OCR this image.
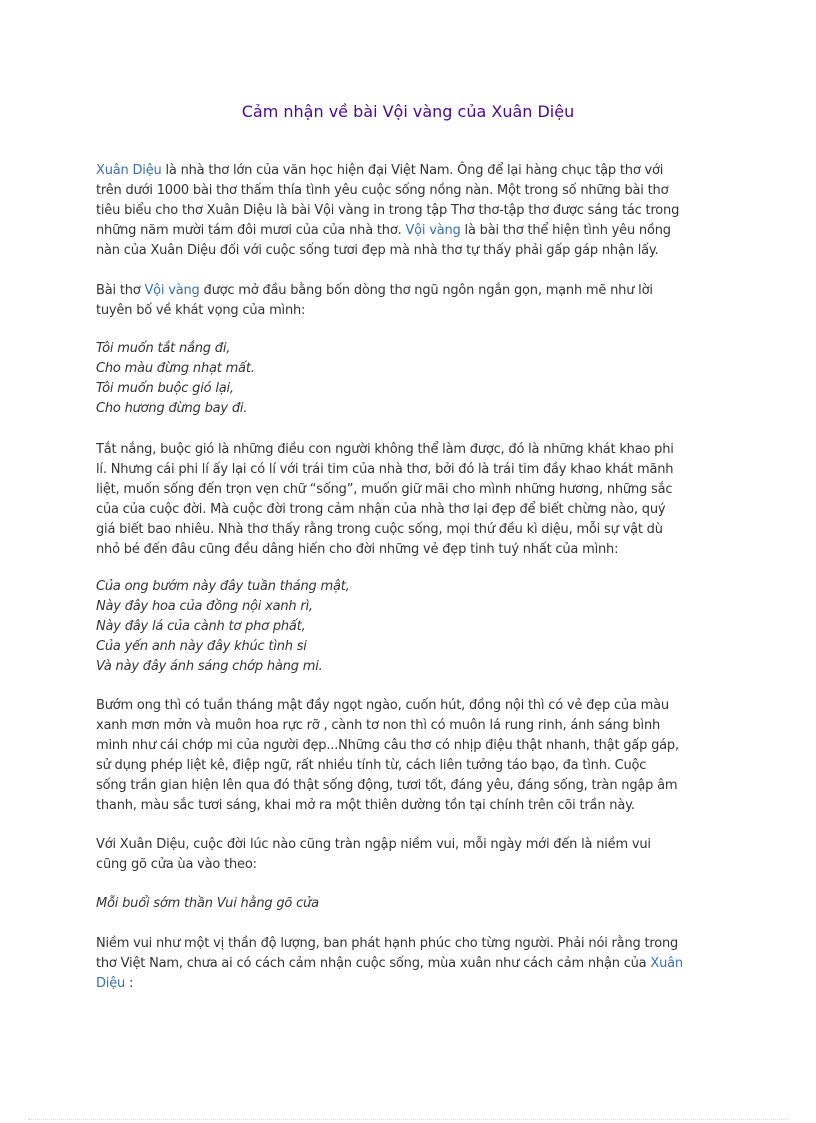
Cảm nhận về bài Vội vàng của Xuân Diệu
Xuân Diệu là nhà thơ lớn của văn học hiện đại Việt Nam. Ông để lại hàng chục tập thơ với
trên dưới 1000 bài thơ thấm thía tình yêu cuộc sống nồng nàn. Một trong số những bài thơ
tiêu biểu cho thơ Xuân Diệu là bài Vội vàng in trong tập Thơ thơ-tập thơ được sáng tác trong
những năm mười tám đôi mươi của của nhà thơ. Vội vàng là bài thơ thể hiện tình yêu nồng
nàn của Xuân Diệu đối với cuộc sống tươi đẹp mà nhà thơ tự thấy phải gấp gáp nhận lấy.
Bài thơ Vội vàng được mở đầu bằng bốn dòng thơ ngũ ngôn ngắn gọn, mạnh mẽ như lời
tuyên bố về khát vọng của mình:
Tôi muốn tắt nắng đi,
Cho màu đừng nhạt mất.
Tôi muốn buộc gió lại,
Cho hương đừng bay đi.
Tắt nắng, buộc gió là những điều con người không thể làm được, đó là những khát khao phi
lí. Nhưng cái phi lí ấy lại có lí với trái tim của nhà thơ, bởi đó là trái tim đầy khao khát mãnh
liệt, muốn sống đến trọn vẹn chữ “sống”, muốn giữ mãi cho mình những hương, những sắc
của của cuộc đời. Mà cuộc đời trong cảm nhận của nhà thơ lại đẹp để biết chừng nào, quý
giá biết bao nhiêu. Nhà thơ thấy rằng trong cuộc sống, mọi thứ đều kì diệu, mỗi sự vật dù
nhỏ bé đến đâu cũng đều dâng hiến cho đời những vẻ đẹp tinh tuý nhất của mình:
Của ong bướm này đây tuần tháng mật,
Này đây hoa của đồng nội xanh rì,
Này đây lá của cành tơ phơ phất,
Của yến anh này đây khúc tình si
Và này đây ánh sáng chớp hàng mi.
Bướm ong thì có tuần tháng mật đầy ngọt ngào, cuốn hút, đồng nội thì có vẻ đẹp của màu
xanh mơn mởn và muôn hoa rực rỡ , cành tơ non thì có muôn lá rung rinh, ánh sáng bình
minh như cái chớp mi của người đẹp...Những câu thơ có nhịp điệu thật nhanh, thật gấp gáp,
sử dụng phép liệt kê, điệp ngữ, rất nhiều tính từ, cách liên tưởng táo bạo, đa tình. Cuộc
sống trần gian hiện lên qua đó thật sống động, tươi tốt, đáng yêu, đáng sống, tràn ngập âm
thanh, màu sắc tươi sáng, khai mở ra một thiên dường tồn tại chính trên cõi trần này.
Với Xuân Diệu, cuộc đời lúc nào cũng tràn ngập niềm vui, mỗi ngày mới đến là niềm vui
cũng gõ cửa ùa vào theo:
Mỗi buổi sớm thần Vui hằng gõ cửa
Niềm vui như một vị thần độ lượng, ban phát hạnh phúc cho từng người. Phải nói rằng trong
thơ Việt Nam, chưa ai có cách cảm nhận cuộc sống, mùa xuân như cách cảm nhận của Xuân
Diệu :
